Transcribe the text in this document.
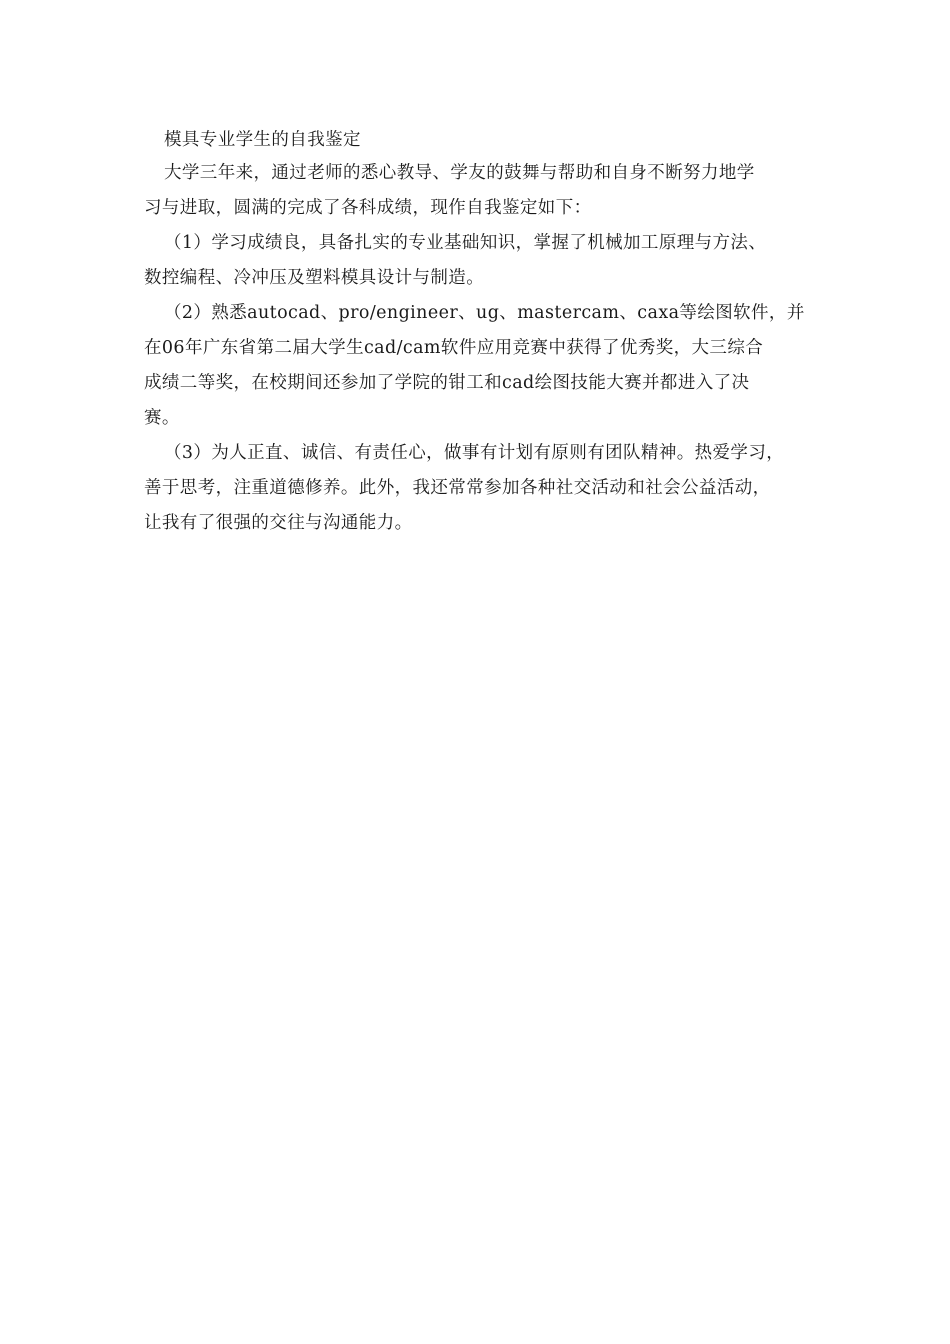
模具专业学生的自我鉴定
大学三年来，通过老师的悉心教导、学友的鼓舞与帮助和自身不断努力地学
习与进取，圆满的完成了各科成绩，现作自我鉴定如下：
（1）学习成绩良，具备扎实的专业基础知识，掌握了机械加工原理与方法、
数控编程、冷冲压及塑料模具设计与制造。
（2）熟悉autocad、pro/engineer、ug、mastercam、caxa等绘图软件，并
在06年广东省第二届大学生cad/cam软件应用竞赛中获得了优秀奖，大三综合
成绩二等奖，在校期间还参加了学院的钳工和cad绘图技能大赛并都进入了决
赛。
（3）为人正直、诚信、有责任心，做事有计划有原则有团队精神。热爱学习，
善于思考，注重道德修养。此外，我还常常参加各种社交活动和社会公益活动，
让我有了很强的交往与沟通能力。
